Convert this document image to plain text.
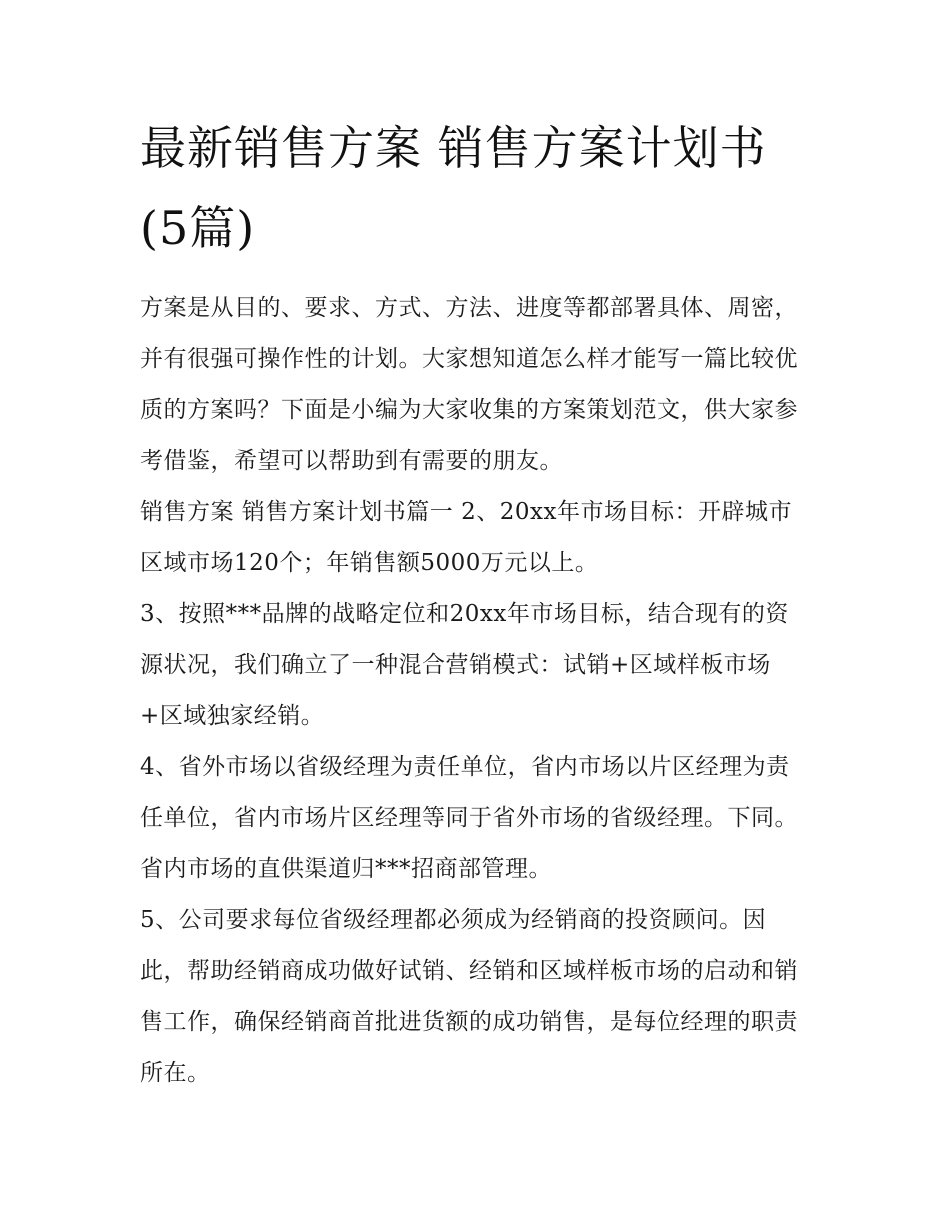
最新销售方案 销售方案计划书(5篇)

方案是从目的、要求、方式、方法、进度等都部署具体、周密，并有很强可操作性的计划。大家想知道怎么样才能写一篇比较优质的方案吗？下面是小编为大家收集的方案策划范文，供大家参考借鉴，希望可以帮助到有需要的朋友。

销售方案 销售方案计划书篇一 2、20xx年市场目标：开辟城市区域市场120个；年销售额5000万元以上。

3、按照***品牌的战略定位和20xx年市场目标，结合现有的资源状况，我们确立了一种混合营销模式：试销+区域样板市场+区域独家经销。

4、省外市场以省级经理为责任单位，省内市场以片区经理为责任单位，省内市场片区经理等同于省外市场的省级经理。下同。省内市场的直供渠道归***招商部管理。

5、公司要求每位省级经理都必须成为经销商的投资顾问。因此，帮助经销商成功做好试销、经销和区域样板市场的启动和销售工作，确保经销商首批进货额的成功销售，是每位经理的职责所在。
